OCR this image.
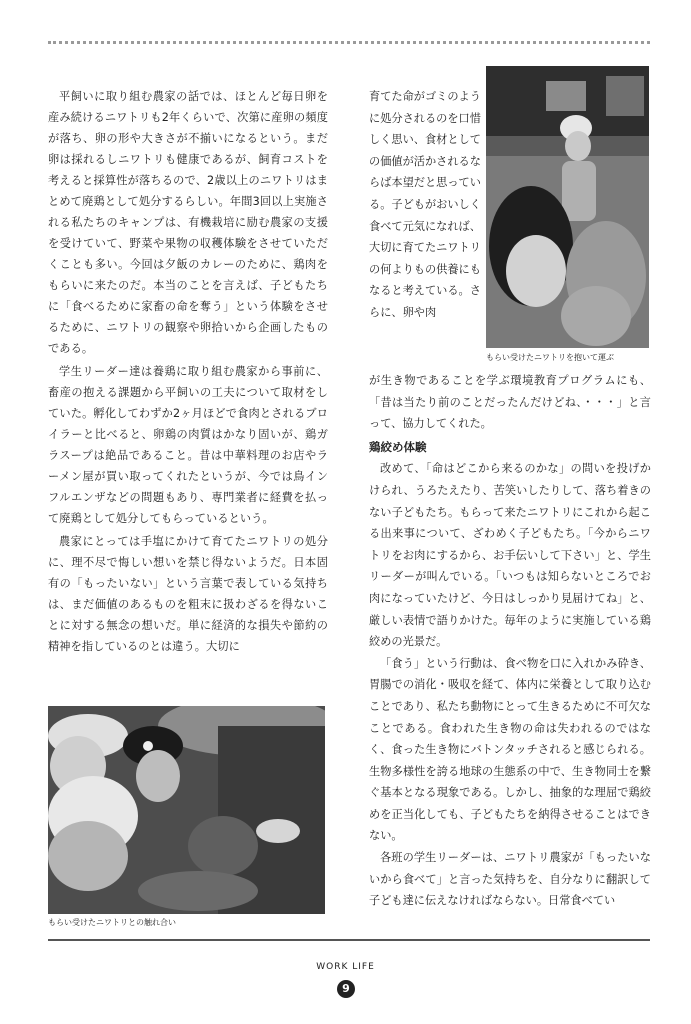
平飼いに取り組む農家の話では、ほとんど毎日卵を産み続けるニワトリも2年くらいで、次第に産卵の頻度が落ち、卵の形や大きさが不揃いになるという。まだ卵は採れるしニワトリも健康であるが、飼育コストを考えると採算性が落ちるので、2歳以上のニワトリはまとめて廃鶏として処分するらしい。年間3回以上実施される私たちのキャンプは、有機栽培に励む農家の支援を受けていて、野菜や果物の収穫体験をさせていただくことも多い。今回は夕飯のカレーのために、鶏肉をもらいに来たのだ。本当のことを言えば、子どもたちに「食べるために家畜の命を奪う」という体験をさせるために、ニワトリの観察や卵拾いから企画したものである。

学生リーダー達は養鶏に取り組む農家から事前に、畜産の抱える課題から平飼いの工夫について取材をしていた。孵化してわずか2ヶ月ほどで食肉とされるブロイラーと比べると、卵鶏の肉質はかなり固いが、鶏ガラスープは絶品であること。昔は中華料理のお店やラーメン屋が買い取ってくれたというが、今では鳥インフルエンザなどの問題もあり、専門業者に経費を払って廃鶏として処分してもらっているという。

農家にとっては手塩にかけて育てたニワトリの処分に、理不尽で悔しい想いを禁じ得ないようだ。日本固有の「もったいない」という言葉で表している気持ちは、まだ価値のあるものを粗末に扱わざるを得ないことに対する無念の想いだ。単に経済的な損失や節約の精神を指しているのとは違う。大切に

育てた命がゴミのように処分されるのを口惜しく思い、食材としての価値が活かされるならば本望だと思っている。子どもがおいしく食べて元気になれば、大切に育てたニワトリの何よりもの供養にもなると考えている。さらに、卵や肉

もらい受けたニワトリを抱いて運ぶ

が生き物であることを学ぶ環境教育プログラムにも、「昔は当たり前のことだったんだけどね、・・・」と言って、協力してくれた。

鶏絞め体験

改めて、「命はどこから来るのかな」の問いを投げかけられ、うろたえたり、苦笑いしたりして、落ち着きのない子どもたち。もらって来たニワトリにこれから起こる出来事について、ざわめく子どもたち。「今からニワトリをお肉にするから、お手伝いして下さい」と、学生リーダーが叫んでいる。「いつもは知らないところでお肉になっていたけど、今日はしっかり見届けてね」と、厳しい表情で語りかけた。毎年のように実施している鶏絞めの光景だ。

「食う」という行動は、食べ物を口に入れかみ砕き、胃腸での消化・吸収を経て、体内に栄養として取り込むことであり、私たち動物にとって生きるために不可欠なことである。食われた生き物の命は失われるのではなく、食った生き物にバトンタッチされると感じられる。生物多様性を誇る地球の生態系の中で、生き物同士を繋ぐ基本となる現象である。しかし、抽象的な理屈で鶏絞めを正当化しても、子どもたちを納得させることはできない。

各班の学生リーダーは、ニワトリ農家が「もったいないから食べて」と言った気持ちを、自分なりに翻訳して子ども達に伝えなければならない。日常食べてい

もらい受けたニワトリとの触れ合い
WORK LIFE
9
